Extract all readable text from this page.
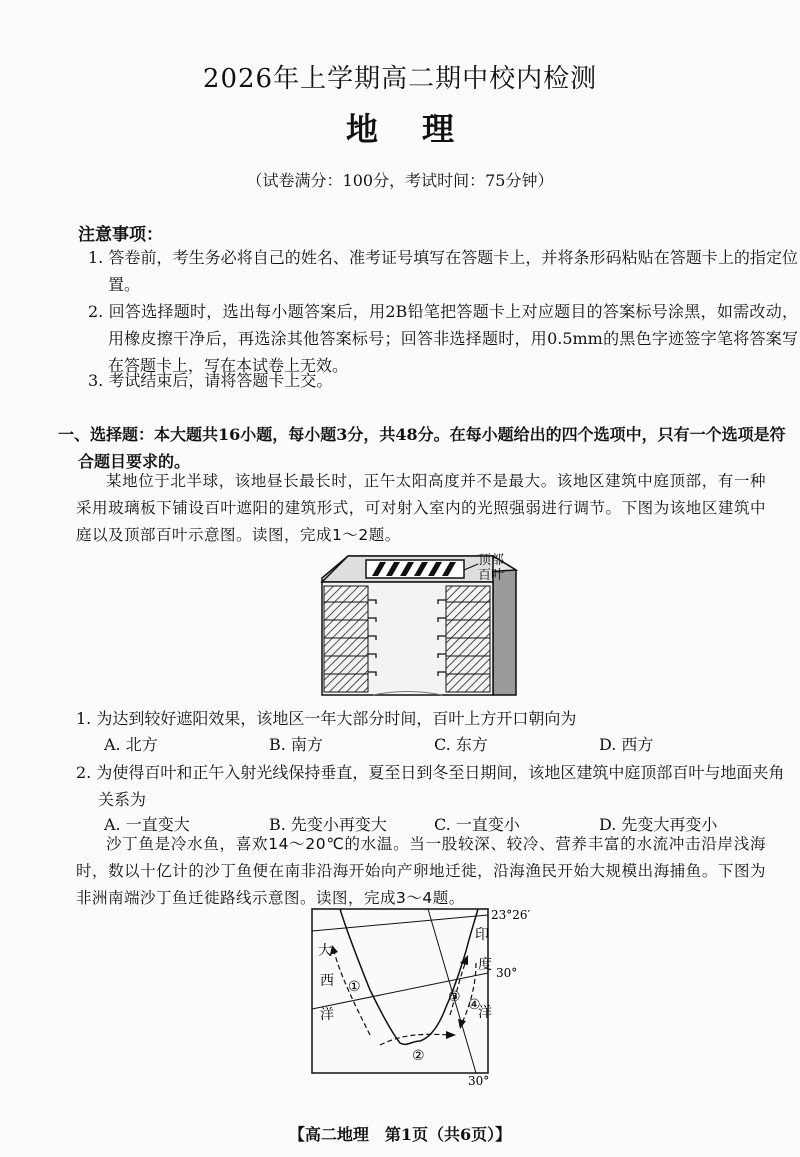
2026年上学期高二期中校内检测
地理
（试卷满分：100分，考试时间：75分钟）
注意事项：
1. 答卷前，考生务必将自己的姓名、准考证号填写在答题卡上，并将条形码粘贴在答题卡上的指定位置。
2. 回答选择题时，选出每小题答案后，用2B铅笔把答题卡上对应题目的答案标号涂黑，如需改动，用橡皮擦干净后，再选涂其他答案标号；回答非选择题时，用0.5mm的黑色字迹签字笔将答案写在答题卡上，写在本试卷上无效。
3. 考试结束后，请将答题卡上交。
一、选择题：本大题共16小题，每小题3分，共48分。在每小题给出的四个选项中，只有一个选项是符合题目要求的。
某地位于北半球，该地昼长最长时，正午太阳高度并不是最大。该地区建筑中庭顶部，有一种采用玻璃板下铺设百叶遮阳的建筑形式，可对射入室内的光照强弱进行调节。下图为该地区建筑中庭以及顶部百叶示意图。读图，完成1～2题。
顶部百叶
1. 为达到较好遮阳效果，该地区一年大部分时间，百叶上方开口朝向为
A. 北方	B. 南方	C. 东方	D. 西方
2. 为使得百叶和正午入射光线保持垂直，夏至日到冬至日期间，该地区建筑中庭顶部百叶与地面夹角关系为
A. 一直变大	B. 先变小再变大	C. 一直变小	D. 先变大再变小
沙丁鱼是冷水鱼，喜欢14～20℃的水温。当一股较深、较冷、营养丰富的水流冲击沿岸浅海时，数以十亿计的沙丁鱼便在南非沿海开始向产卵地迁徙，沿海渔民开始大规模出海捕鱼。下图为非洲南端沙丁鱼迁徙路线示意图。读图，完成3～4题。
①
②
③ ④
大
西
洋
印
度
洋
23°26′
30°
30°
【高二地理　第1页（共6页）】
